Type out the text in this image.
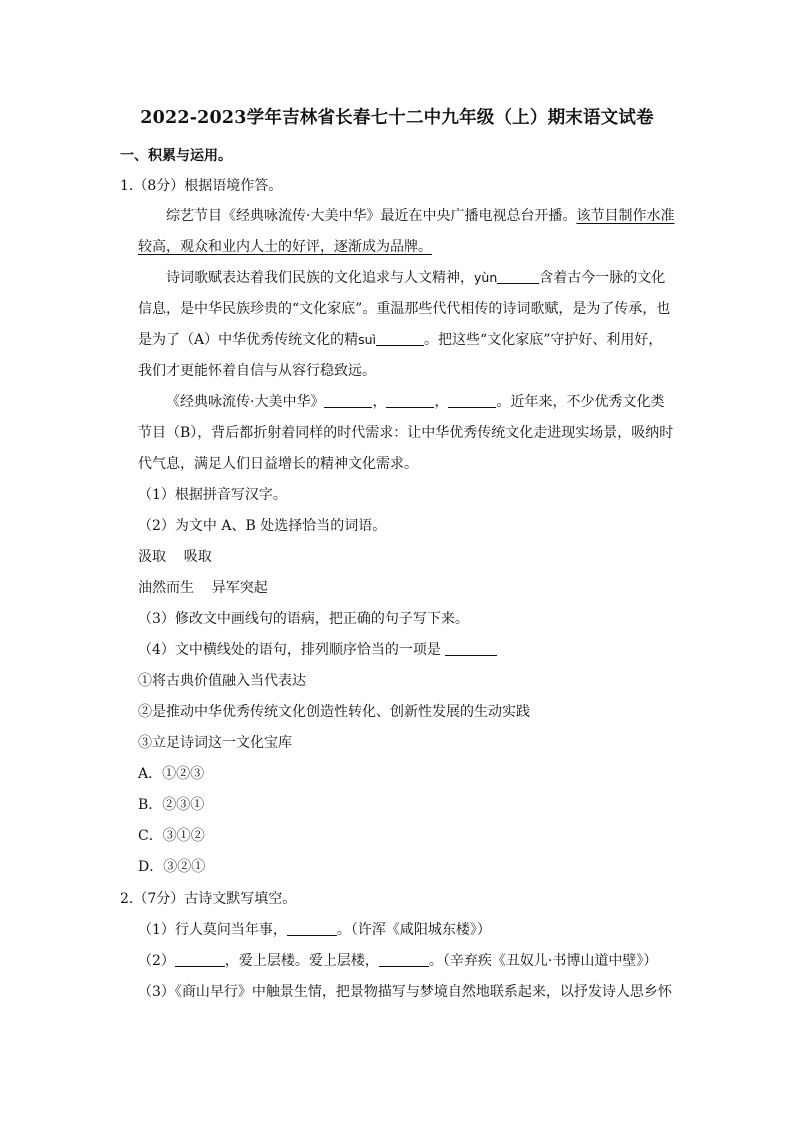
2022-2023学年吉林省长春七十二中九年级（上）期末语文试卷
一、积累与运用。
1.（8分）根据语境作答。
综艺节目《经典咏流传·大美中华》最近在中央广播电视总台开播。该节目制作水准
较高，观众和业内人士的好评，逐渐成为品牌。
诗词歌赋表达着我们民族的文化追求与人文精神，yùn	含着古今一脉的文化
信息，是中华民族珍贵的“文化家底”。重温那些代代相传的诗词歌赋，是为了传承，也
是为了（A）中华优秀传统文化的精suì	。把这些“文化家底”守护好、利用好，
我们才更能怀着自信与从容行稳致远。
《经典咏流传·大美中华》	，	，	。近年来，不少优秀文化类
节目（B），背后都折射着同样的时代需求：让中华优秀传统文化走进现实场景，吸纳时
代气息，满足人们日益增长的精神文化需求。
（1）根据拼音写汉字。
（2）为文中 A、B 处选择恰当的词语。
汲取    吸取
油然而生    异军突起
（3）修改文中画线句的语病，把正确的句子写下来。
（4）文中横线处的语句，排列顺序恰当的一项是
①将古典价值融入当代表达
②是推动中华优秀传统文化创造性转化、创新性发展的生动实践
③立足诗词这一文化宝库
A．①②③
B．②③①
C．③①②
D．③②①
2.（7分）古诗文默写填空。
（1）行人莫问当年事，	。（许浑《咸阳城东楼》）
（2）	，爱上层楼。爱上层楼，	。（辛弃疾《丑奴儿·书博山道中壁》）
（3）《商山早行》中触景生情，把景物描写与梦境自然地联系起来，以抒发诗人思乡怀
